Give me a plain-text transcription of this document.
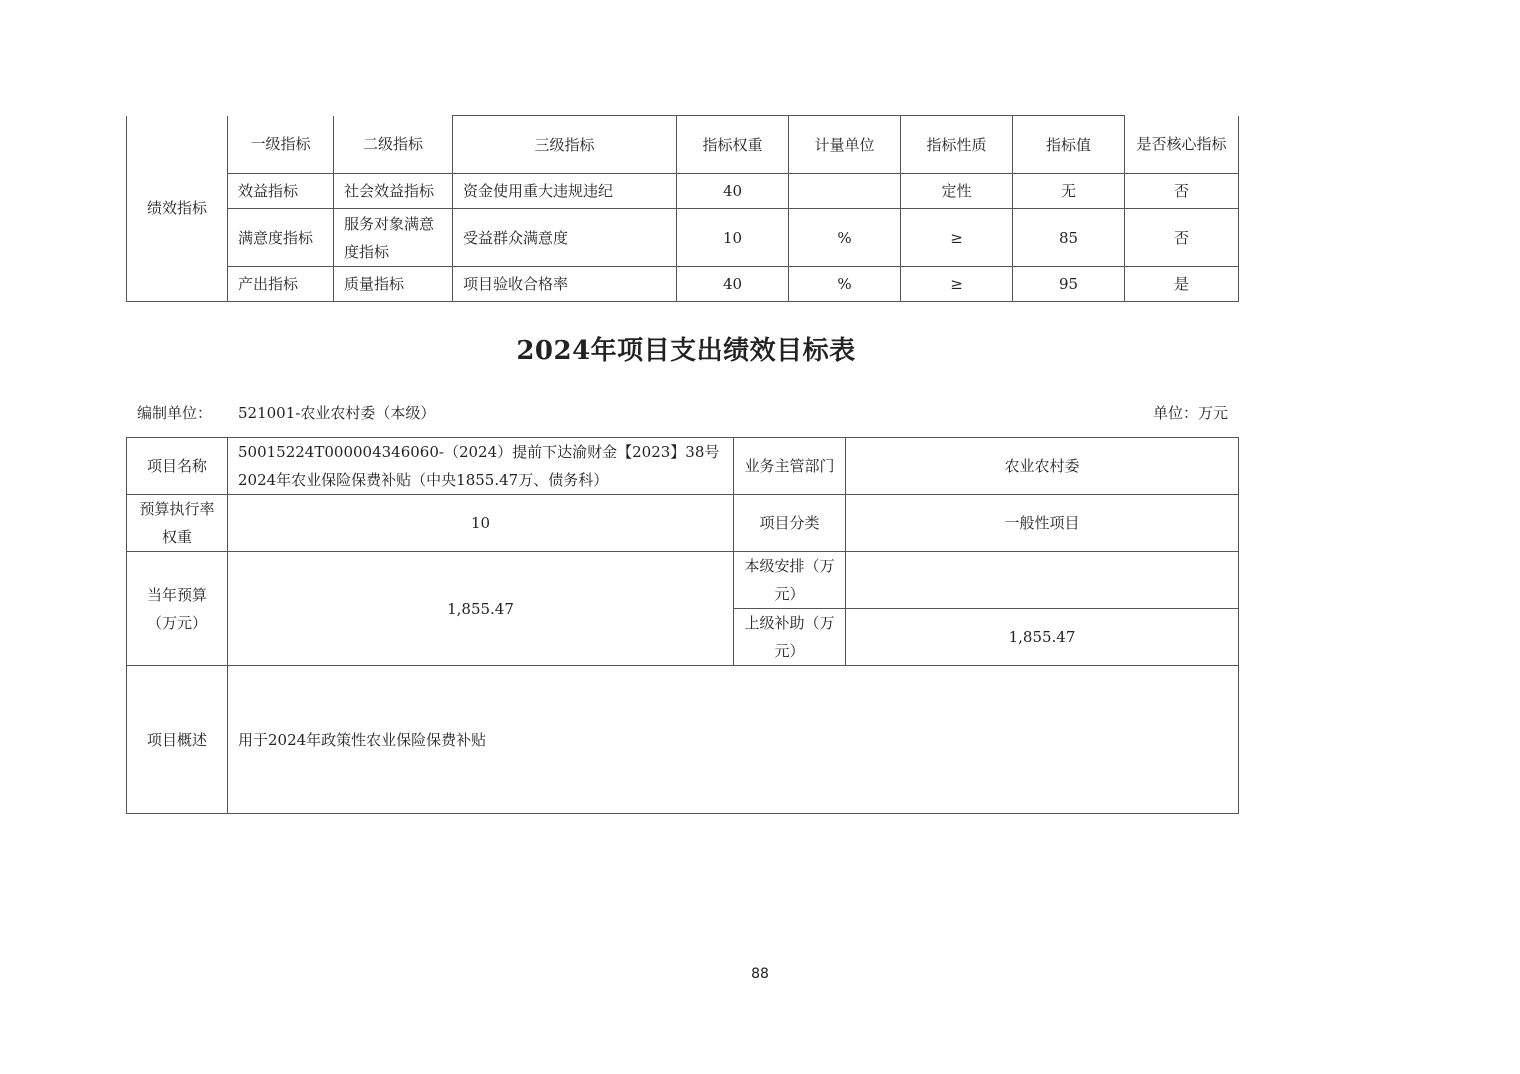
绩效指标	一级指标	二级指标	三级指标	指标权重	计量单位	指标性质	指标值	是否核心指标
	效益指标	社会效益指标	资金使用重大违规违纪	40		定性	无	否
	满意度指标	服务对象满意度指标	受益群众满意度	10	%	≥	85	否
	产出指标	质量指标	项目验收合格率	40	%	≥	95	是
2024年项目支出绩效目标表
编制单位： 521001-农业农村委（本级）	单位：万元
项目名称	50015224T000004346060-（2024）提前下达渝财金【2023】38号2024年农业保险保费补贴（中央1855.47万、债务科）	业务主管部门	农业农村委
预算执行率权重	10	项目分类	一般性项目
当年预算（万元）	1,855.47	本级安排（万元）	
		上级补助（万元）	1,855.47
项目概述	用于2024年政策性农业保险保费补贴		
88
